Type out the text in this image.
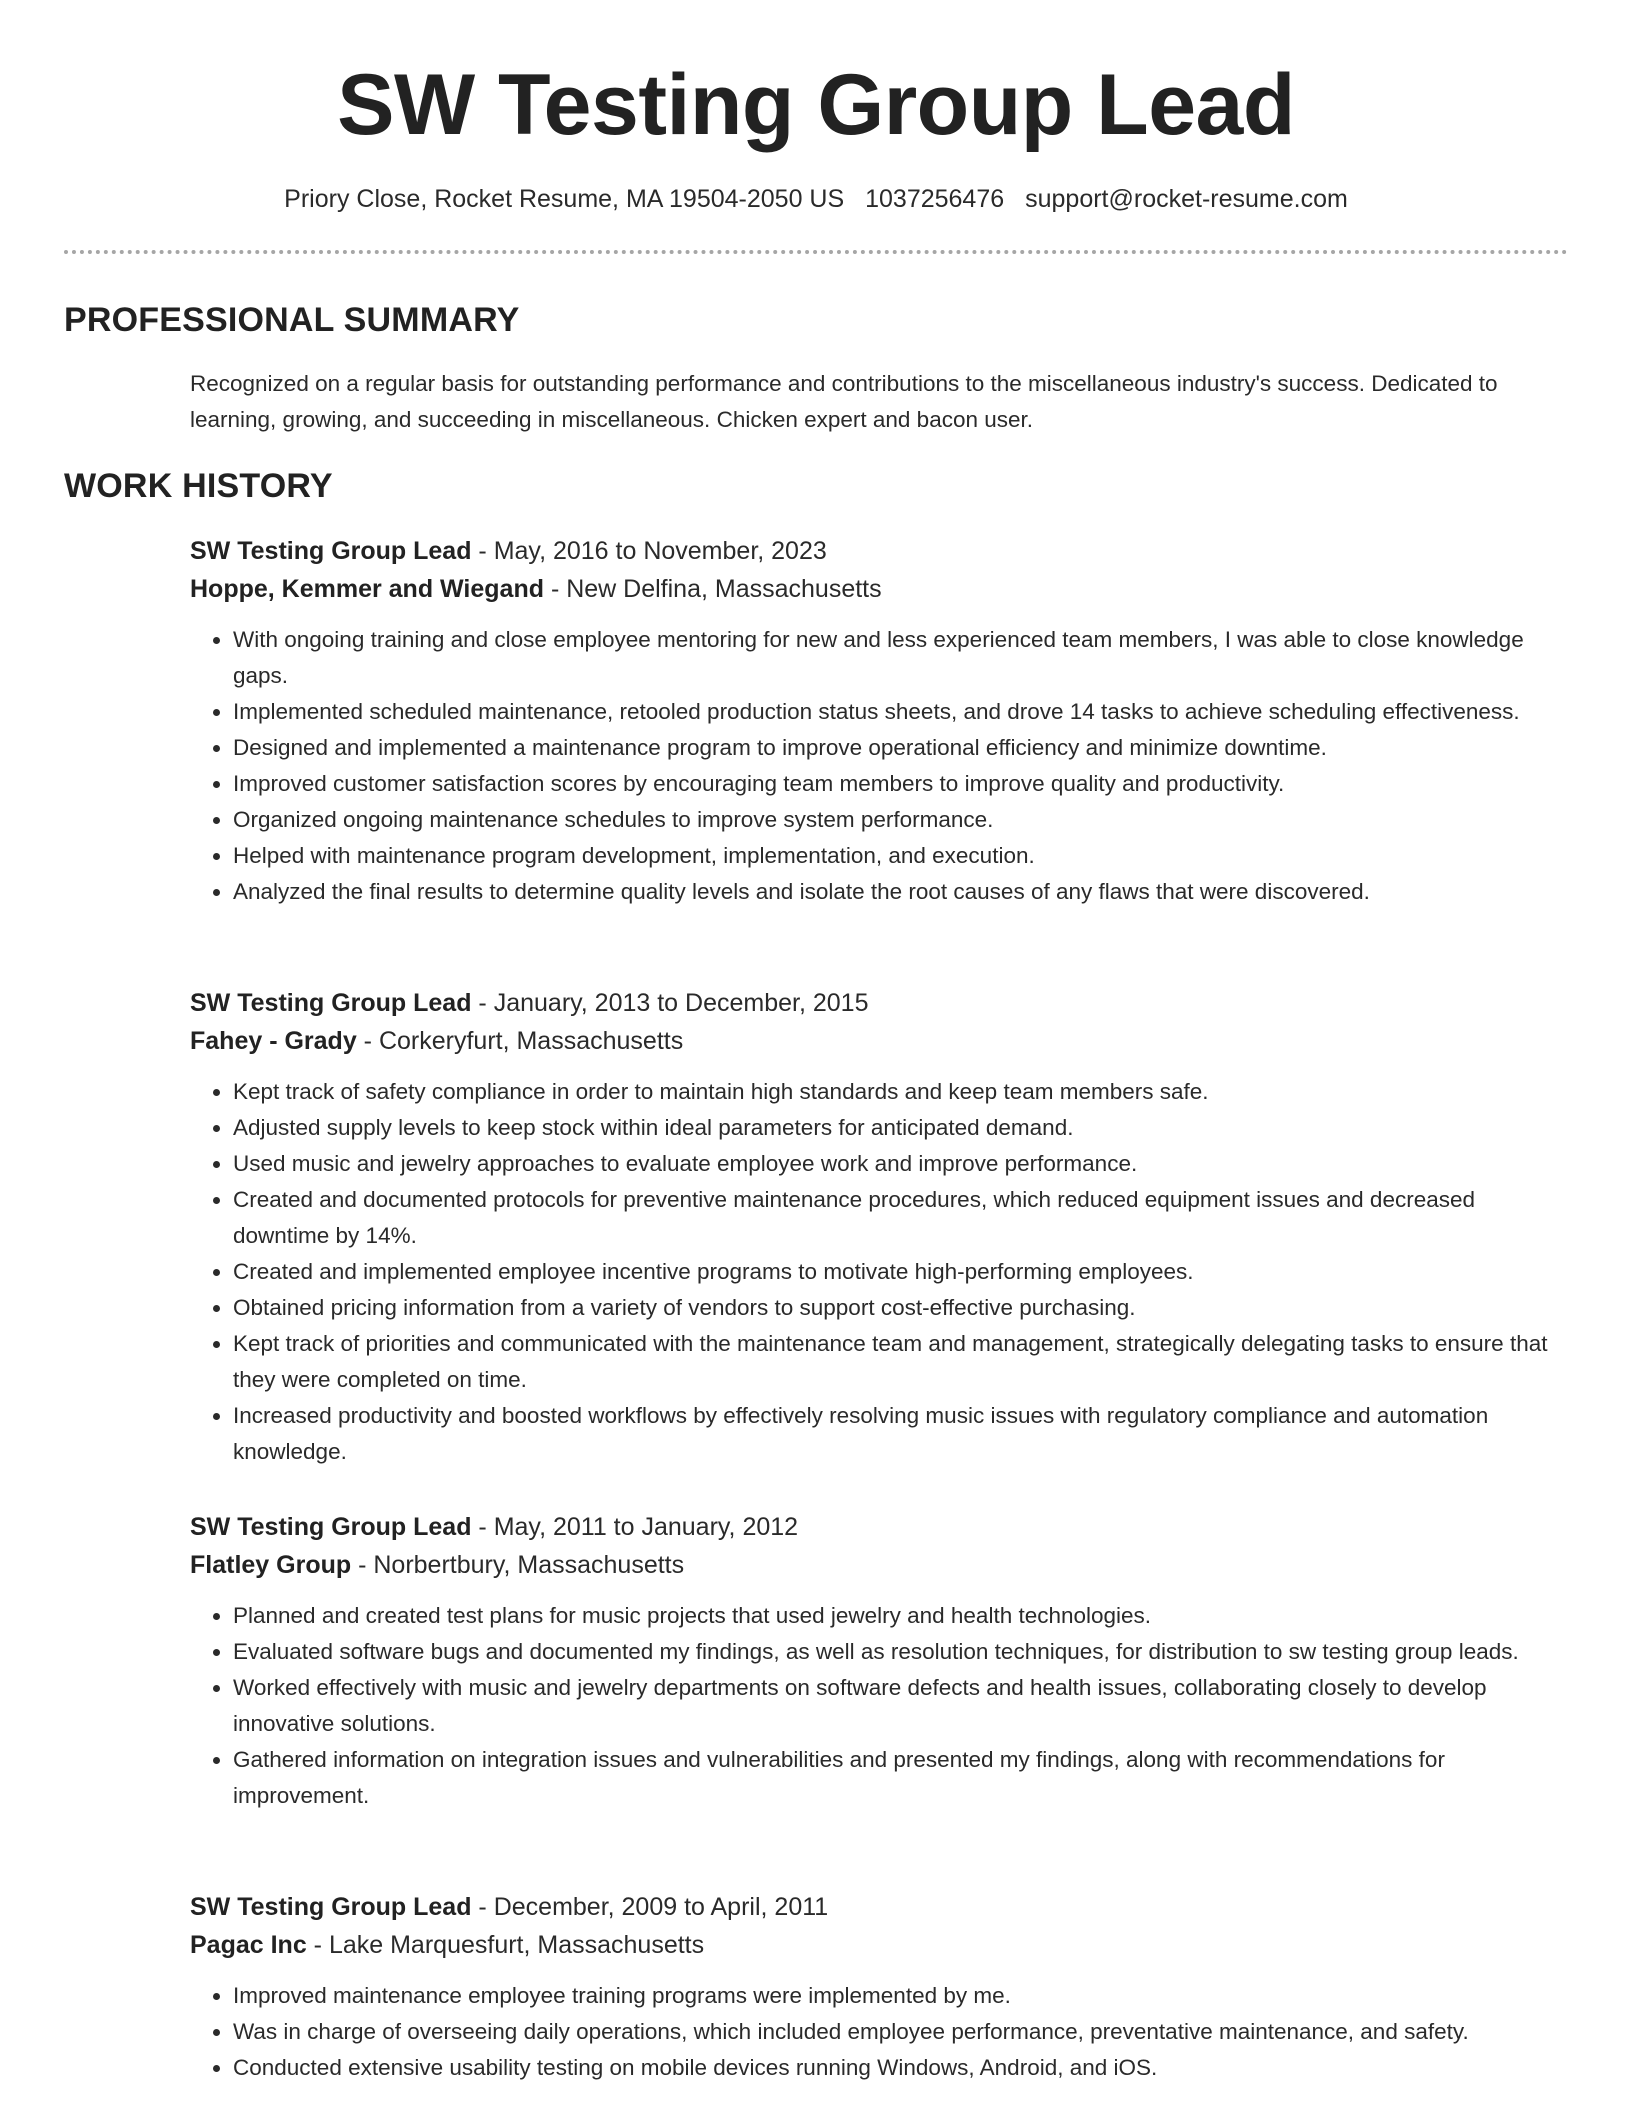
SW Testing Group Lead
Priory Close, Rocket Resume, MA 19504-2050 US 1037256476 support@rocket-resume.com
PROFESSIONAL SUMMARY
Recognized on a regular basis for outstanding performance and contributions to the miscellaneous industry's success. Dedicated to learning, growing, and succeeding in miscellaneous. Chicken expert and bacon user.
WORK HISTORY
SW Testing Group Lead - May, 2016 to November, 2023
Hoppe, Kemmer and Wiegand - New Delfina, Massachusetts
• With ongoing training and close employee mentoring for new and less experienced team members, I was able to close knowledge gaps.
• Implemented scheduled maintenance, retooled production status sheets, and drove 14 tasks to achieve scheduling effectiveness.
• Designed and implemented a maintenance program to improve operational efficiency and minimize downtime.
• Improved customer satisfaction scores by encouraging team members to improve quality and productivity.
• Organized ongoing maintenance schedules to improve system performance.
• Helped with maintenance program development, implementation, and execution.
• Analyzed the final results to determine quality levels and isolate the root causes of any flaws that were discovered.
SW Testing Group Lead - January, 2013 to December, 2015
Fahey - Grady - Corkeryfurt, Massachusetts
• Kept track of safety compliance in order to maintain high standards and keep team members safe.
• Adjusted supply levels to keep stock within ideal parameters for anticipated demand.
• Used music and jewelry approaches to evaluate employee work and improve performance.
• Created and documented protocols for preventive maintenance procedures, which reduced equipment issues and decreased downtime by 14%.
• Created and implemented employee incentive programs to motivate high-performing employees.
• Obtained pricing information from a variety of vendors to support cost-effective purchasing.
• Kept track of priorities and communicated with the maintenance team and management, strategically delegating tasks to ensure that they were completed on time.
• Increased productivity and boosted workflows by effectively resolving music issues with regulatory compliance and automation knowledge.
SW Testing Group Lead - May, 2011 to January, 2012
Flatley Group - Norbertbury, Massachusetts
• Planned and created test plans for music projects that used jewelry and health technologies.
• Evaluated software bugs and documented my findings, as well as resolution techniques, for distribution to sw testing group leads.
• Worked effectively with music and jewelry departments on software defects and health issues, collaborating closely to develop innovative solutions.
• Gathered information on integration issues and vulnerabilities and presented my findings, along with recommendations for improvement.
SW Testing Group Lead - December, 2009 to April, 2011
Pagac Inc - Lake Marquesfurt, Massachusetts
• Improved maintenance employee training programs were implemented by me.
• Was in charge of overseeing daily operations, which included employee performance, preventative maintenance, and safety.
• Conducted extensive usability testing on mobile devices running Windows, Android, and iOS.
